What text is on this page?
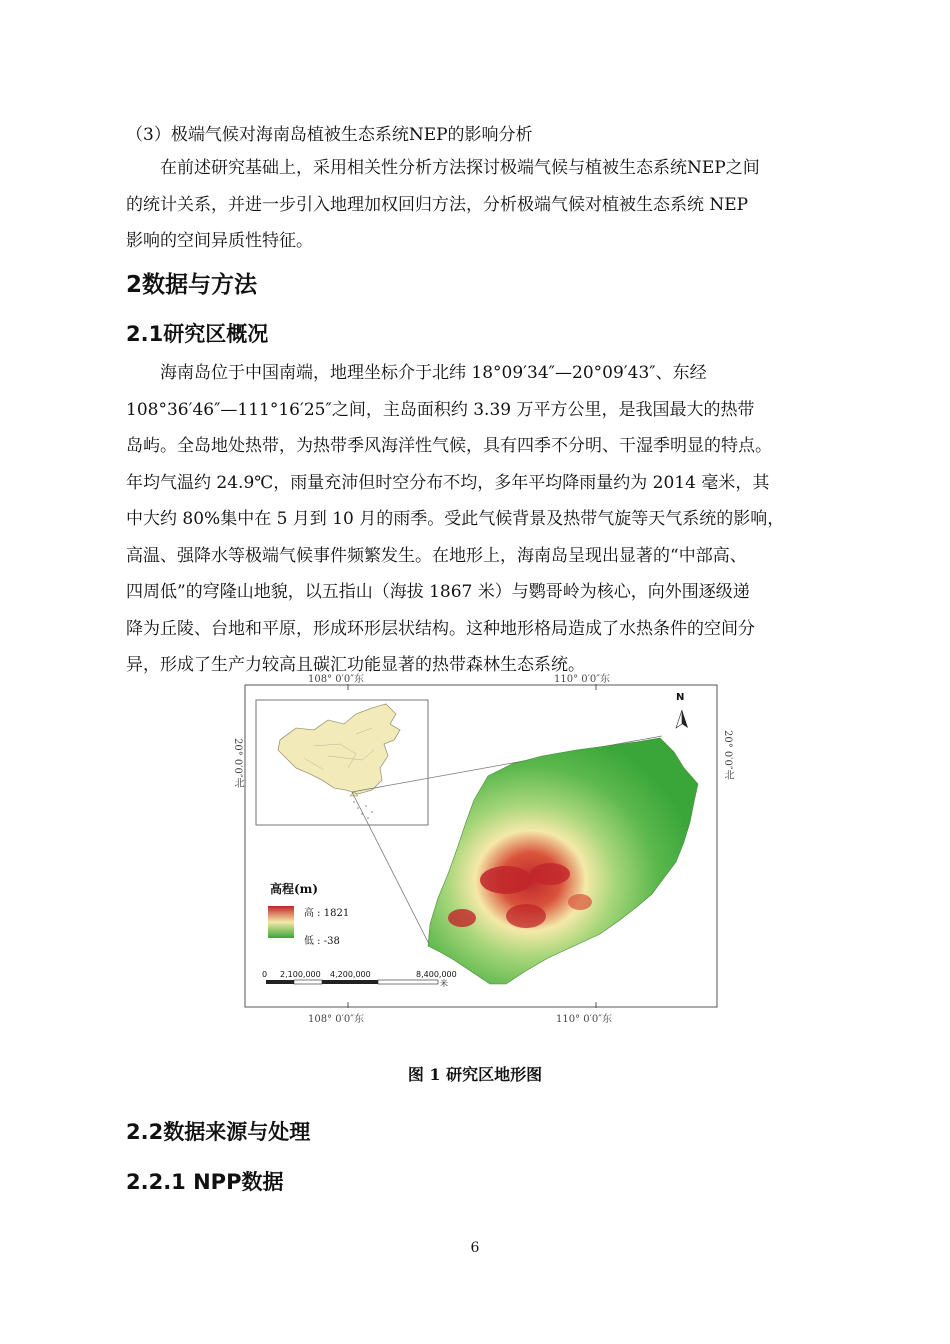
（3）极端气候对海南岛植被生态系统NEP的影响分析

在前述研究基础上，采用相关性分析方法探讨极端气候与植被生态系统NEP之间
的统计关系，并进一步引入地理加权回归方法，分析极端气候对植被生态系统 NEP
影响的空间异质性特征。

2数据与方法
2.1研究区概况

海南岛位于中国南端，地理坐标介于北纬 18°09′34″—20°09′43″、东经
108°36′46″—111°16′25″之间，主岛面积约 3.39 万平方公里，是我国最大的热带
岛屿。全岛地处热带，为热带季风海洋性气候，具有四季不分明、干湿季明显的特点。
年均气温约 24.9℃，雨量充沛但时空分布不均，多年平均降雨量约为 2014 毫米，其
中大约 80%集中在 5 月到 10 月的雨季。受此气候背景及热带气旋等天气系统的影响，
高温、强降水等极端气候事件频繁发生。在地形上，海南岛呈现出显著的“中部高、
四周低”的穹隆山地貌，以五指山（海拔 1867 米）与鹦哥岭为核心，向外围逐级递
降为丘陵、台地和平原，形成环形层状结构。这种地形格局造成了水热条件的空间分
异，形成了生产力较高且碳汇功能显著的热带森林生态系统。

108° 0′0″东	110° 0′0″东
108° 0′0″东	110° 0′0″东
20° 0′0″北	20° 0′0″北
N
高程(m)
高 : 1821
低 : -38
0 2,100,000 4,200,000	8,400,000
米
图 1 研究区地形图
2.2数据来源与处理
2.2.1 NPP数据
6
